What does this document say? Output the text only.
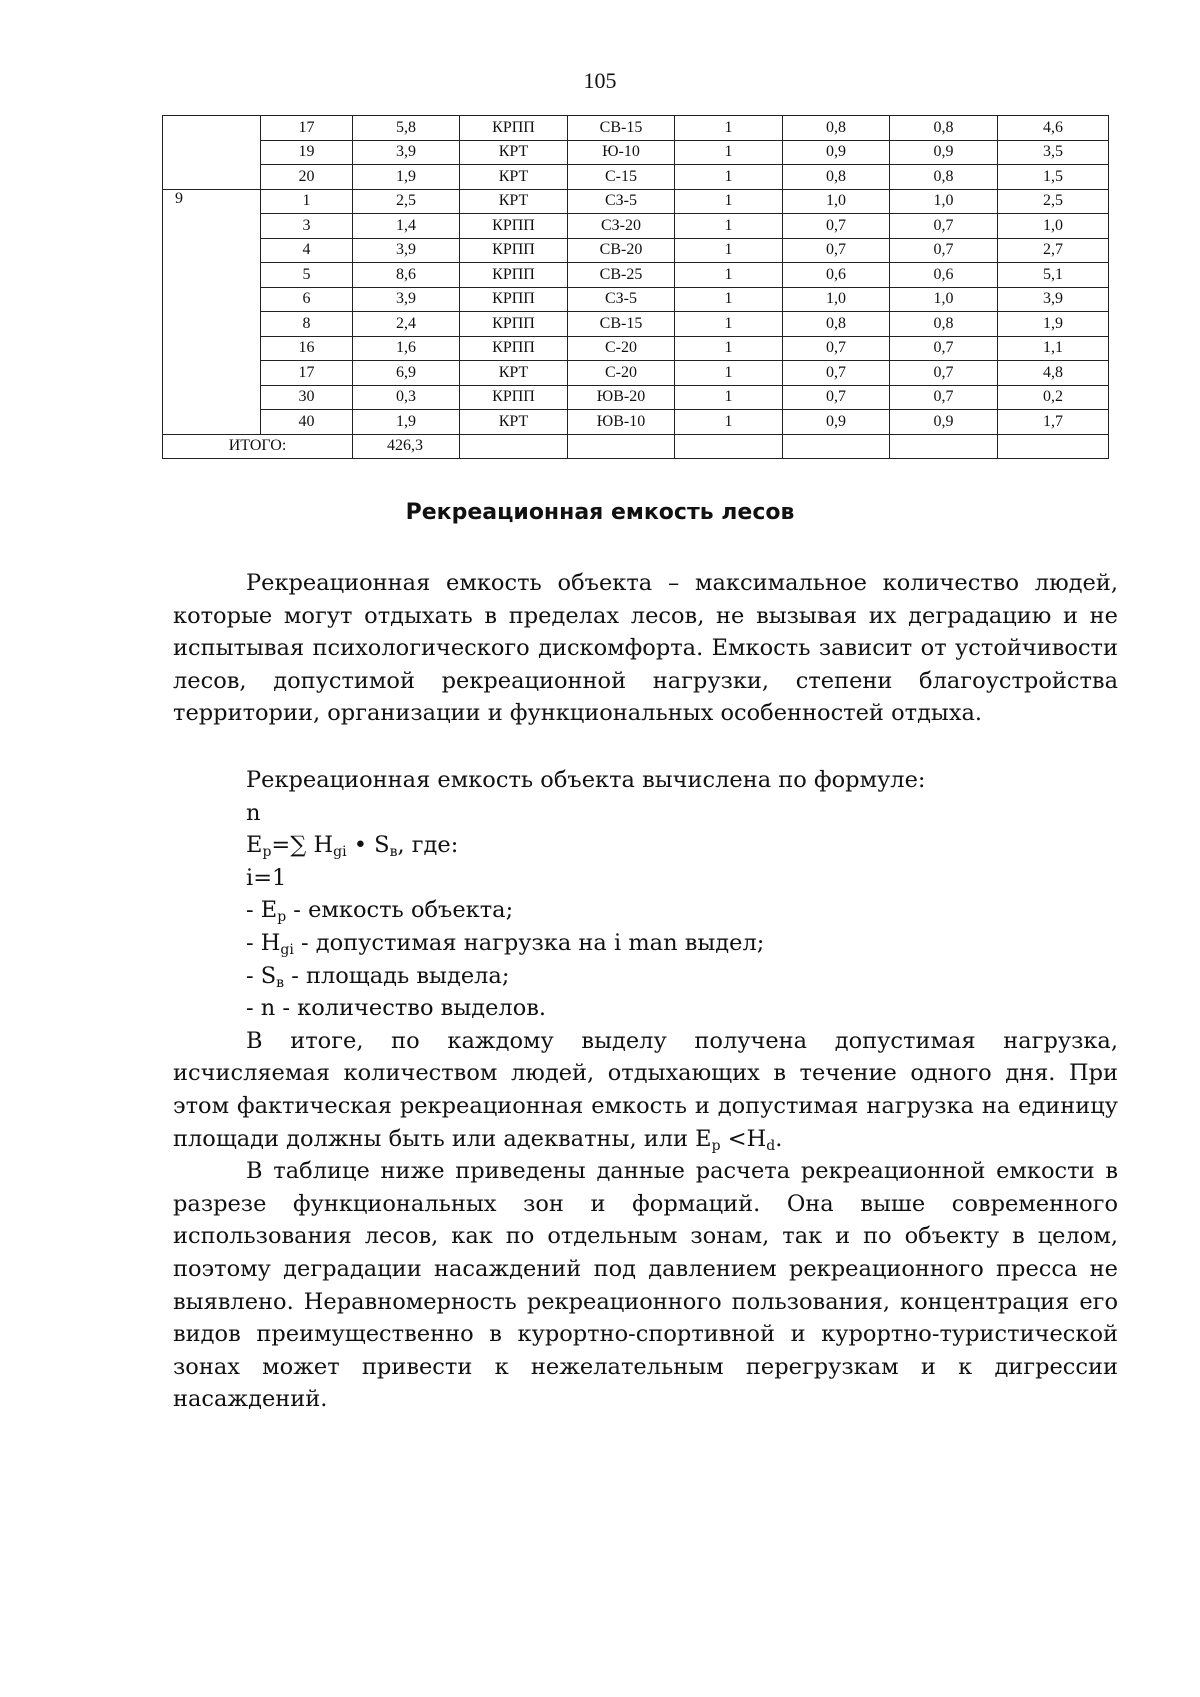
105
	17	5,8	КРПП	СВ-15	1	0,8	0,8	4,6
	19	3,9	КРТ	Ю-10	1	0,9	0,9	3,5
	20	1,9	КРТ	С-15	1	0,8	0,8	1,5
9	1	2,5	КРТ	СЗ-5	1	1,0	1,0	2,5
	3	1,4	КРПП	СЗ-20	1	0,7	0,7	1,0
	4	3,9	КРПП	СВ-20	1	0,7	0,7	2,7
	5	8,6	КРПП	СВ-25	1	0,6	0,6	5,1
	6	3,9	КРПП	СЗ-5	1	1,0	1,0	3,9
	8	2,4	КРПП	СВ-15	1	0,8	0,8	1,9
	16	1,6	КРПП	С-20	1	0,7	0,7	1,1
	17	6,9	КРТ	С-20	1	0,7	0,7	4,8
	30	0,3	КРПП	ЮВ-20	1	0,7	0,7	0,2
	40	1,9	КРТ	ЮВ-10	1	0,9	0,9	1,7
ИТОГО:		426,3						
Рекреационная емкость лесов

Рекреационная емкость объекта – максимальное количество людей, которые могут отдыхать в пределах лесов, не вызывая их деградацию и не испытывая психологического дискомфорта. Емкость зависит от устойчивости лесов, допустимой рекреационной нагрузки, степени благоустройства территории, организации и функциональных особенностей отдыха.

Рекреационная емкость объекта вычислена по формуле:

n

$Е_р=\sum$ $Н_{gi}$ • $S_в$, где:

i=1

- $Е_р$ - емкость объекта;

- $Н_{gi}$ - допустимая нагрузка на i man выдел;

- $S_в$ - площадь выдела;

- n - количество выделов.

В итоге, по каждому выделу получена допустимая нагрузка, исчисляемая количеством людей, отдыхающих в течение одного дня. При этом фактическая рекреационная емкость и допустимая нагрузка на единицу площади должны быть или адекватны, или $Е_р <Н_d$.

В таблице ниже приведены данные расчета рекреационной емкости в разрезе функциональных зон и формаций. Она выше современного использования лесов, как по отдельным зонам, так и по объекту в целом, поэтому деградации насаждений под давлением рекреационного пресса не выявлено. Неравномерность рекреационного пользования, концентрация его видов преимущественно в курортно-спортивной и курортно-туристической зонах может привести к нежелательным перегрузкам и к дигрессии насаждений.
